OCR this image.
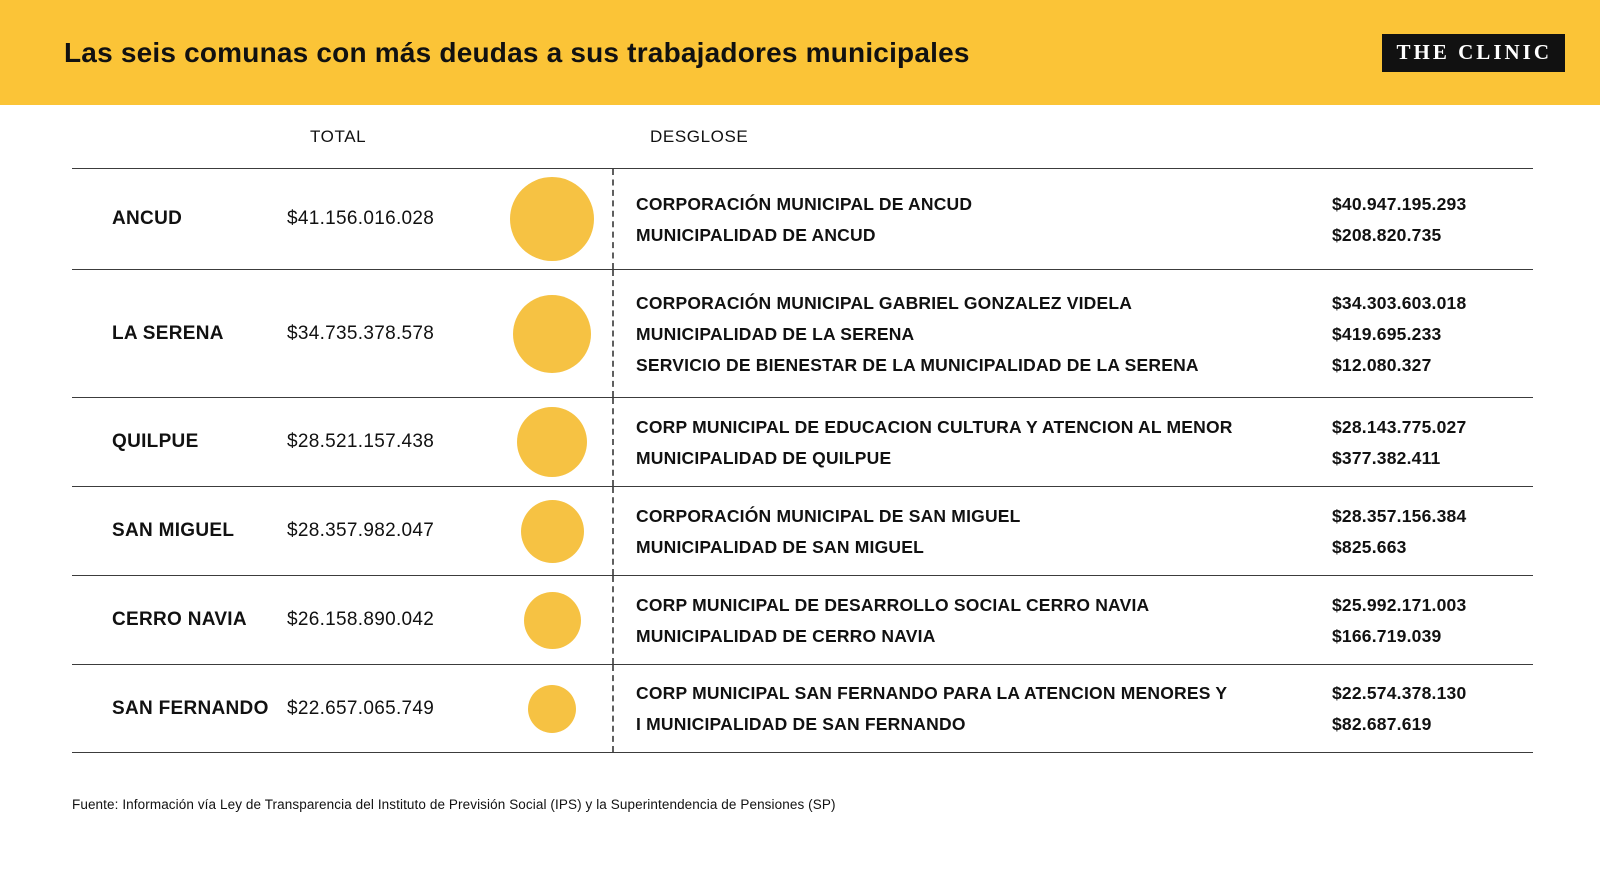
Las seis comunas con más deudas a sus trabajadores municipales	THE CLINIC
TOTAL	DESGLOSE
ANCUD	$41.156.016.028
CORPORACIÓN MUNICIPAL DE ANCUD	$40.947.195.293
MUNICIPALIDAD DE ANCUD	$208.820.735
LA SERENA	$34.735.378.578
CORPORACIÓN MUNICIPAL GABRIEL GONZALEZ VIDELA	$34.303.603.018
MUNICIPALIDAD DE LA SERENA	$419.695.233
SERVICIO DE BIENESTAR DE LA MUNICIPALIDAD DE LA SERENA	$12.080.327
QUILPUE	$28.521.157.438
CORP MUNICIPAL DE EDUCACION CULTURA Y ATENCION AL MENOR	$28.143.775.027
MUNICIPALIDAD DE QUILPUE	$377.382.411
SAN MIGUEL	$28.357.982.047
CORPORACIÓN MUNICIPAL DE SAN MIGUEL	$28.357.156.384
MUNICIPALIDAD DE SAN MIGUEL	$825.663
CERRO NAVIA	$26.158.890.042
CORP MUNICIPAL DE DESARROLLO SOCIAL CERRO NAVIA	$25.992.171.003
MUNICIPALIDAD DE CERRO NAVIA	$166.719.039
SAN FERNANDO $22.657.065.749
CORP MUNICIPAL SAN FERNANDO PARA LA ATENCION MENORES Y	$22.574.378.130
I MUNICIPALIDAD DE SAN FERNANDO	$82.687.619

Fuente: Información vía Ley de Transparencia del Instituto de Previsión Social (IPS) y la Superintendencia de Pensiones (SP)
